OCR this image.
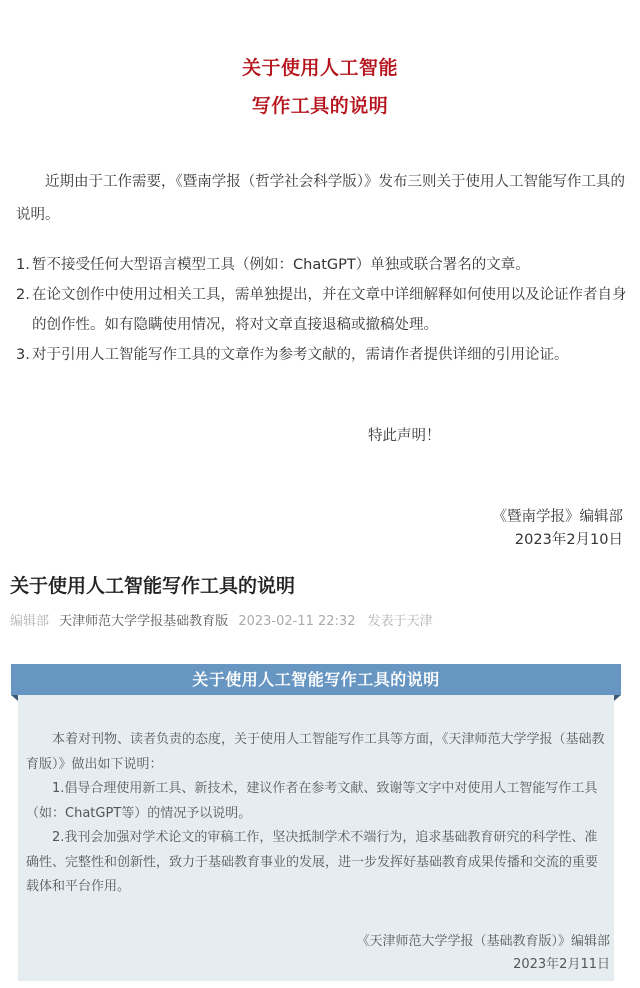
关于使用人工智能
写作工具的说明

近期由于工作需要，《暨南学报（哲学社会科学版）》发布三则关于使用人工智能写作工具的说明。

1. 暂不接受任何大型语言模型工具（例如：ChatGPT）单独或联合署名的文章。
2. 在论文创作中使用过相关工具，需单独提出，并在文章中详细解释如何使用以及论证作者自身的创作性。如有隐瞒使用情况，将对文章直接退稿或撤稿处理。
3. 对于引用人工智能写作工具的文章作为参考文献的，需请作者提供详细的引用论证。
特此声明！
《暨南学报》编辑部
2023年2月10日
关于使用人工智能写作工具的说明
编辑部 天津师范大学学报基础教育版 2023-02-11 22:32 发表于天津
关于使用人工智能写作工具的说明

本着对刊物、读者负责的态度，关于使用人工智能写作工具等方面，《天津师范大学学报（基础教育版）》做出如下说明：

1.倡导合理使用新工具、新技术，建议作者在参考文献、致谢等文字中对使用人工智能写作工具（如：ChatGPT等）的情况予以说明。

2.我刊会加强对学术论文的审稿工作，坚决抵制学术不端行为，追求基础教育研究的科学性、准确性、完整性和创新性，致力于基础教育事业的发展，进一步发挥好基础教育成果传播和交流的重要载体和平台作用。

《天津师范大学学报（基础教育版）》编辑部
2023年2月11日
